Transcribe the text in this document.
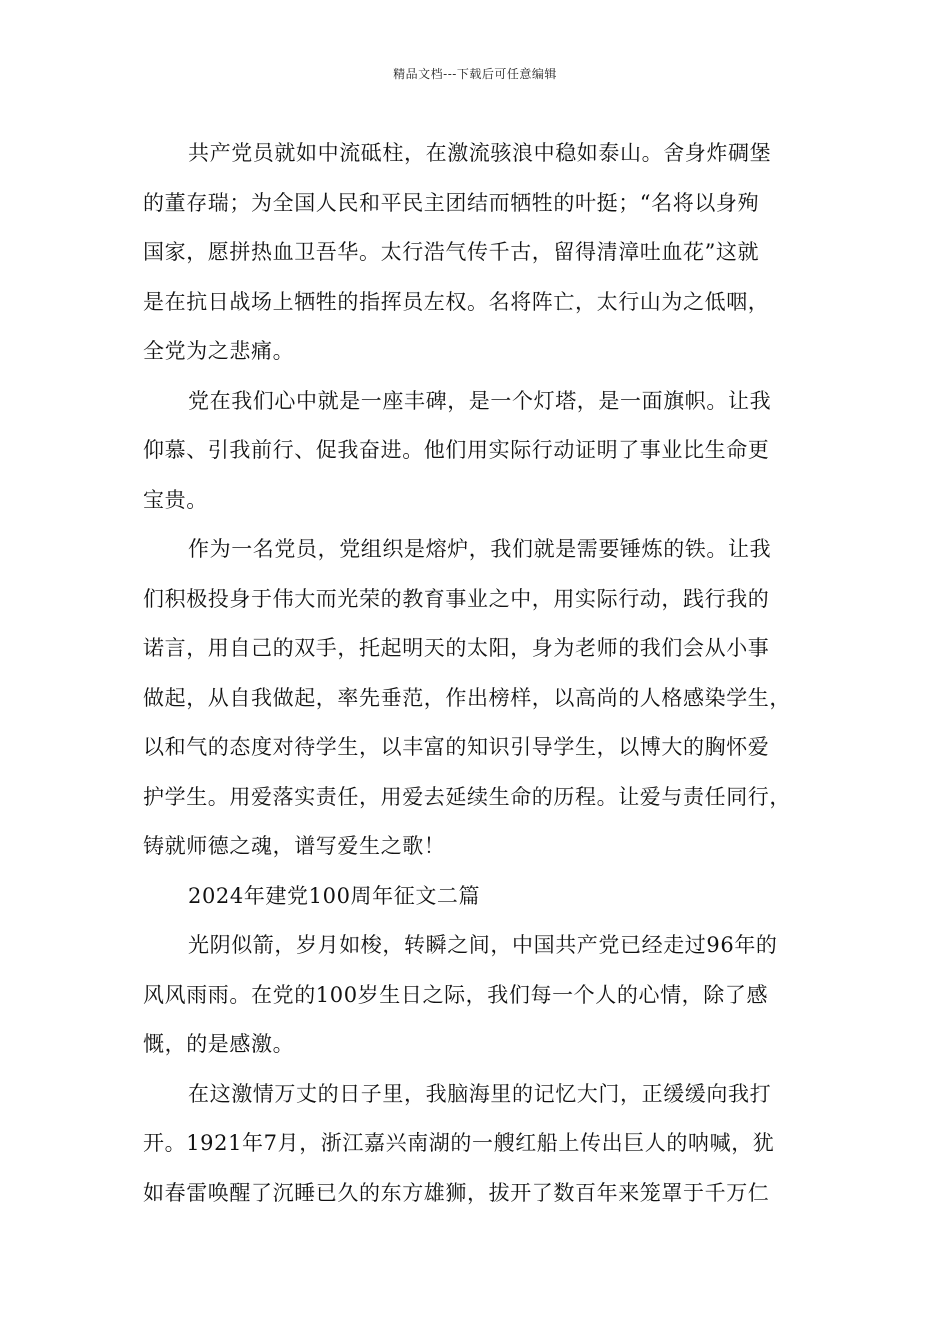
精品文档---下载后可任意编辑
共产党员就如中流砥柱，在激流骇浪中稳如泰山。舍身炸碉堡
的董存瑞；为全国人民和平民主团结而牺牲的叶挺；“名将以身殉
国家，愿拼热血卫吾华。太行浩气传千古，留得清漳吐血花”这就
是在抗日战场上牺牲的指挥员左权。名将阵亡，太行山为之低咽，
全党为之悲痛。
党在我们心中就是一座丰碑，是一个灯塔，是一面旗帜。让我
仰慕、引我前行、促我奋进。他们用实际行动证明了事业比生命更
宝贵。
作为一名党员，党组织是熔炉，我们就是需要锤炼的铁。让我
们积极投身于伟大而光荣的教育事业之中，用实际行动，践行我的
诺言，用自己的双手，托起明天的太阳，身为老师的我们会从小事
做起，从自我做起，率先垂范，作出榜样，以高尚的人格感染学生，
以和气的态度对待学生，以丰富的知识引导学生，以博大的胸怀爱
护学生。用爱落实责任，用爱去延续生命的历程。让爱与责任同行，
铸就师德之魂，谱写爱生之歌！
2024年建党100周年征文二篇
光阴似箭，岁月如梭，转瞬之间，中国共产党已经走过96年的
风风雨雨。在党的100岁生日之际，我们每一个人的心情，除了感
慨，的是感激。
在这激情万丈的日子里，我脑海里的记忆大门，正缓缓向我打
开。1921年7月，浙江嘉兴南湖的一艘红船上传出巨人的呐喊，犹
如春雷唤醒了沉睡已久的东方雄狮，拔开了数百年来笼罩于千万仁
